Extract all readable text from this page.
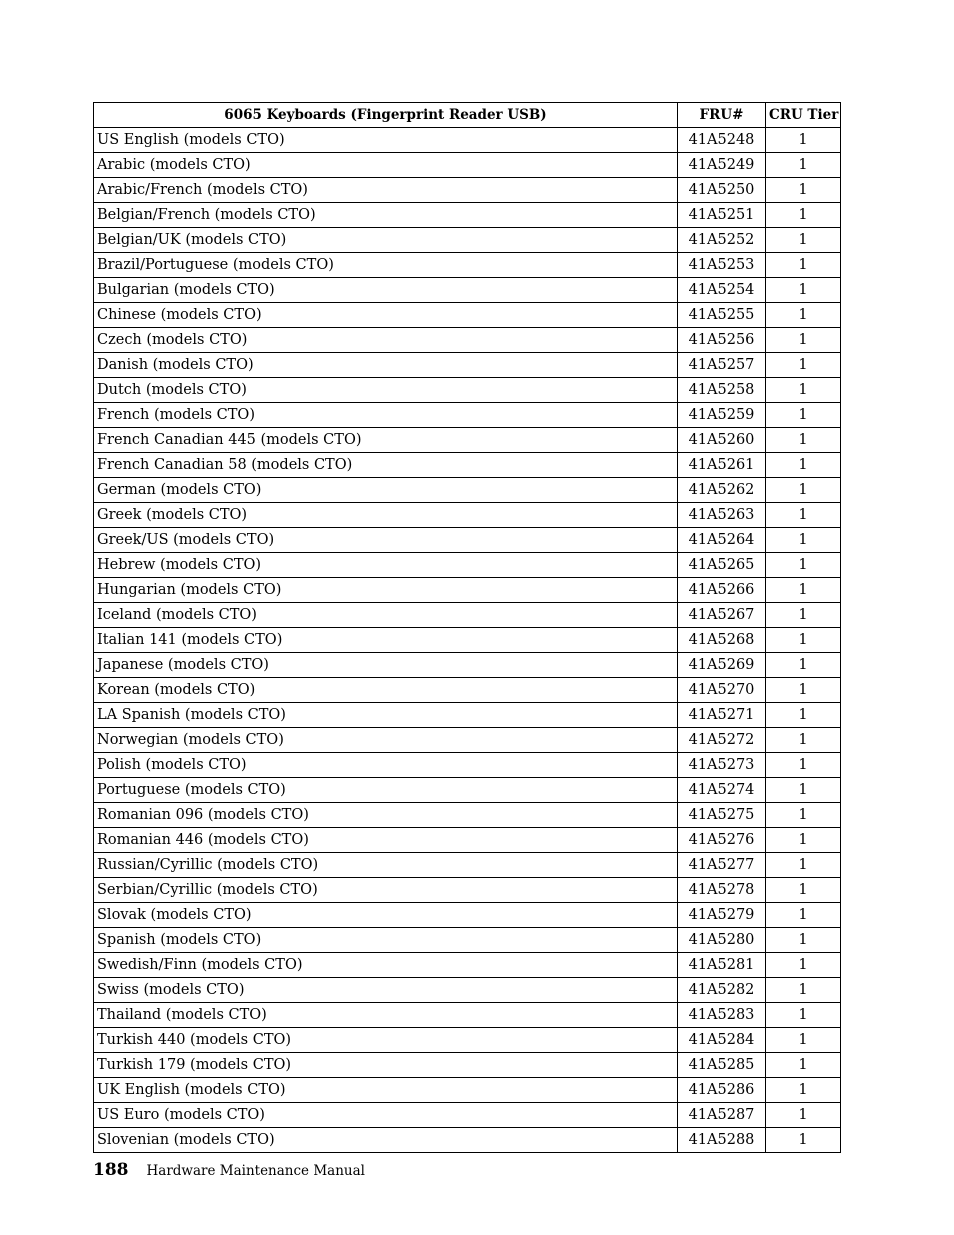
6065 Keyboards (Fingerprint Reader USB)	FRU#	CRU Tier
US English (models CTO)	41A5248	1
Arabic (models CTO)	41A5249	1
Arabic/French (models CTO)	41A5250	1
Belgian/French (models CTO)	41A5251	1
Belgian/UK (models CTO)	41A5252	1
Brazil/Portuguese (models CTO)	41A5253	1
Bulgarian (models CTO)	41A5254	1
Chinese (models CTO)	41A5255	1
Czech (models CTO)	41A5256	1
Danish (models CTO)	41A5257	1
Dutch (models CTO)	41A5258	1
French (models CTO)	41A5259	1
French Canadian 445 (models CTO)	41A5260	1
French Canadian 58 (models CTO)	41A5261	1
German (models CTO)	41A5262	1
Greek (models CTO)	41A5263	1
Greek/US (models CTO)	41A5264	1
Hebrew (models CTO)	41A5265	1
Hungarian (models CTO)	41A5266	1
Iceland (models CTO)	41A5267	1
Italian 141 (models CTO)	41A5268	1
Japanese (models CTO)	41A5269	1
Korean (models CTO)	41A5270	1
LA Spanish (models CTO)	41A5271	1
Norwegian (models CTO)	41A5272	1
Polish (models CTO)	41A5273	1
Portuguese (models CTO)	41A5274	1
Romanian 096 (models CTO)	41A5275	1
Romanian 446 (models CTO)	41A5276	1
Russian/Cyrillic (models CTO)	41A5277	1
Serbian/Cyrillic (models CTO)	41A5278	1
Slovak (models CTO)	41A5279	1
Spanish (models CTO)	41A5280	1
Swedish/Finn (models CTO)	41A5281	1
Swiss (models CTO)	41A5282	1
Thailand (models CTO)	41A5283	1
Turkish 440 (models CTO)	41A5284	1
Turkish 179 (models CTO)	41A5285	1
UK English (models CTO)	41A5286	1
US Euro (models CTO)	41A5287	1
Slovenian (models CTO)	41A5288	1
188 Hardware Maintenance Manual
